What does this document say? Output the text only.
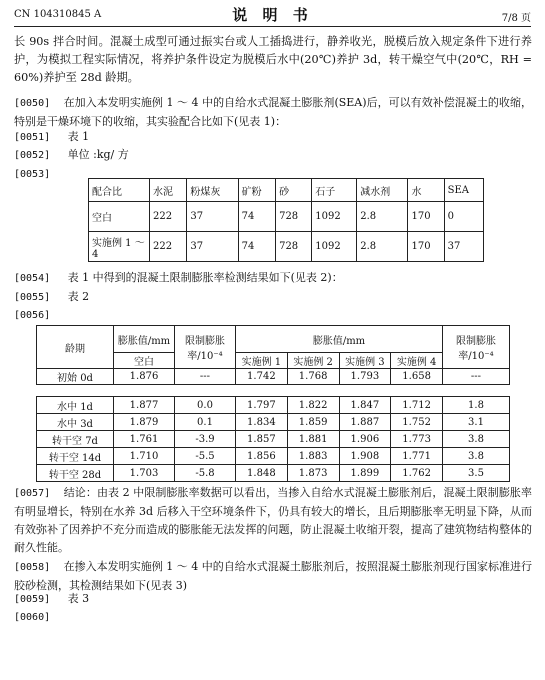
CN 104310845 A	说 明 书	7/8 页
长 90s 拌合时间。混凝土成型可通过振实台或人工插捣进行，静养收光，脱模后放入规定条件下进行养护，为模拟工程实际情况，将养护条件设定为脱模后水中(20℃)养护 3d，转干燥空气中(20℃，RH = 60%)养护至 28d 龄期。
[0050] 在加入本发明实施例 1 ～ 4 中的自给水式混凝土膨胀剂(SEA)后，可以有效补偿混凝土的收缩，特别是干燥环境下的收缩，其实验配合比如下(见表 1)：
[0051] 表 1
[0052] 单位 :kg/ 方
[0053]
配合比	水泥	粉煤灰	矿粉	砂	石子	减水剂	水	SEA
空白	222	37	74	728	1092	2.8	170	0
实施例 1 ～ 4	222	37	74	728	1092	2.8	170	37
[0054] 表 1 中得到的混凝土限制膨胀率检测结果如下(见表 2)：
[0055] 表 2
[0056]
龄期	膨胀值/mm	限制膨胀率/10⁻⁴	膨胀值/mm				限制膨胀率/10⁻⁴
	空白		实施例 1	实施例 2	实施例 3	实施例 4	
初始 0d	1.876	---	1.742	1.768	1.793	1.658	---
水中 1d	1.877	0.0	1.797	1.822	1.847	1.712	1.8
水中 3d	1.879	0.1	1.834	1.859	1.887	1.752	3.1
转干空 7d	1.761	-3.9	1.857	1.881	1.906	1.773	3.8
转干空 14d	1.710	-5.5	1.856	1.883	1.908	1.771	3.8
转干空 28d	1.703	-5.8	1.848	1.873	1.899	1.762	3.5
[0057] 结论：由表 2 中限制膨胀率数据可以看出，当掺入自给水式混凝土膨胀剂后，混凝土限制膨胀率有明显增长，特别在水养 3d 后移入干空环境条件下，仍具有较大的增长，且后期膨胀率无明显下降，从而有效弥补了因养护不充分而造成的膨胀能无法发挥的问题，防止混凝土收缩开裂，提高了建筑物结构整体的耐久性能。
[0058] 在掺入本发明实施例 1 ～ 4 中的自给水式混凝土膨胀剂后，按照混凝土膨胀剂现行国家标准进行胶砂检测，其检测结果如下(见表 3)
[0059] 表 3
[0060]
